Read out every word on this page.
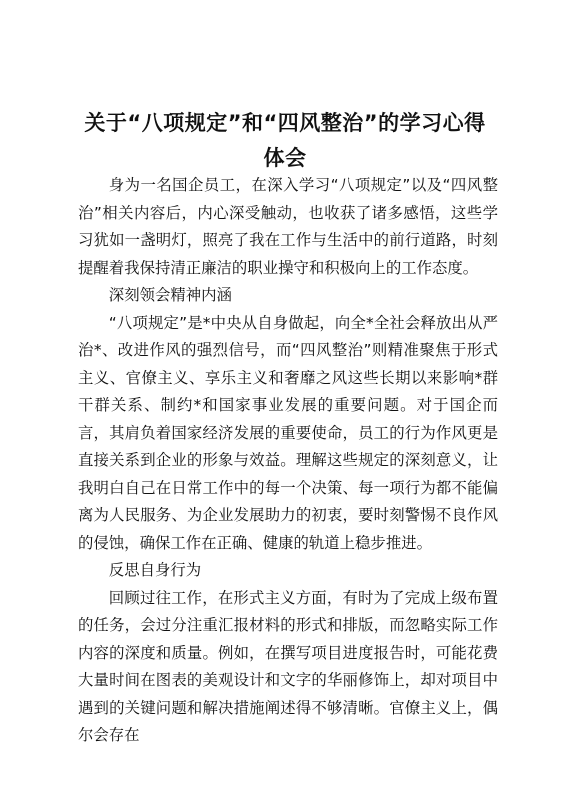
关于“八项规定”和“四风整治”的学习心得
体会

身为一名国企员工，在深入学习“八项规定”以及“四风整治”相关内容后，内心深受触动，也收获了诸多感悟，这些学习犹如一盏明灯，照亮了我在工作与生活中的前行道路，时刻提醒着我保持清正廉洁的职业操守和积极向上的工作态度。

深刻领会精神内涵

“八项规定”是*中央从自身做起，向全*全社会释放出从严治*、改进作风的强烈信号，而“四风整治”则精准聚焦于形式主义、官僚主义、享乐主义和奢靡之风这些长期以来影响*群干群关系、制约*和国家事业发展的重要问题。对于国企而言，其肩负着国家经济发展的重要使命，员工的行为作风更是直接关系到企业的形象与效益。理解这些规定的深刻意义，让我明白自己在日常工作中的每一个决策、每一项行为都不能偏离为人民服务、为企业发展助力的初衷，要时刻警惕不良作风的侵蚀，确保工作在正确、健康的轨道上稳步推进。

反思自身行为

回顾过往工作，在形式主义方面，有时为了完成上级布置的任务，会过分注重汇报材料的形式和排版，而忽略实际工作内容的深度和质量。例如，在撰写项目进度报告时，可能花费大量时间在图表的美观设计和文字的华丽修饰上，却对项目中遇到的关键问题和解决措施阐述得不够清晰。官僚主义上，偶尔会存在
